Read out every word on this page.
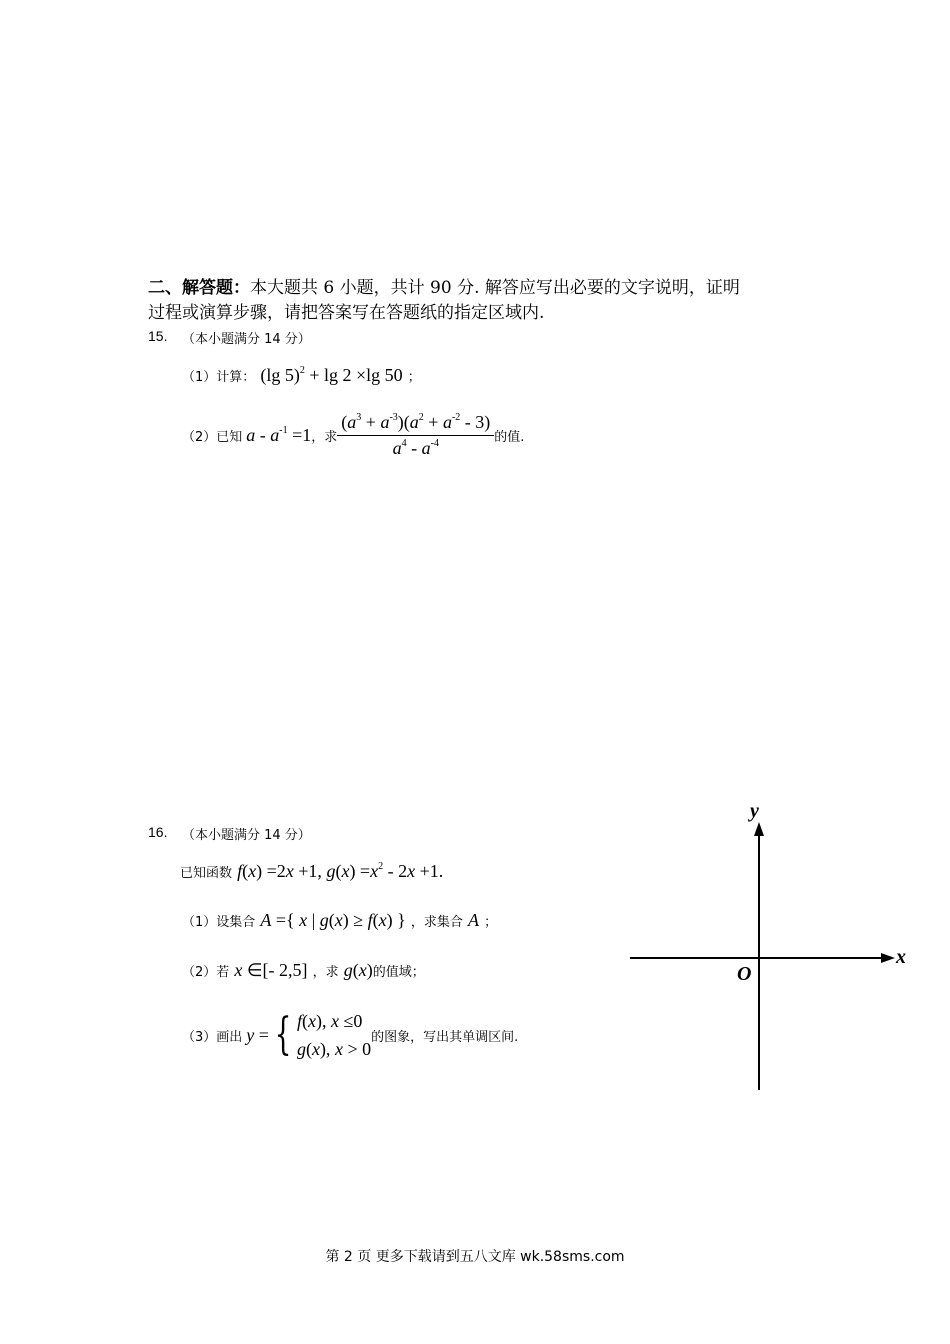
二、解答题：本大题共 6 小题，共计 90 分. 解答应写出必要的文字说明，证明
过程或演算步骤，请把答案写在答题纸的指定区域内.
15. （本小题满分 14 分）
（1）计算： (lg 5)$^2$ + lg 2 ×lg 50 ；
（2）已知 $a - a^{-1} =1$ ，求 $\frac{(a^3 + a^{-3})(a^2 + a^{-2} - 3)}{a^4 - a^{-4}}$ 的值.
16. （本小题满分 14 分）
已知函数 f(x) =2x +1, $g(x) =x^2 - 2x +1$.
（1）设集合 A ={ x | g(x) ≥ f(x) } ，求集合 A ；
（2）若 x ∈[- 2,5] ，求 g(x)的值域；
（3）画出 y = { f(x), x ≤0
g(x), x > 0
的图象，写出其单调区间.
x
y
O
第 2 页 更多下载请到五八文库 wk.58sms.com
